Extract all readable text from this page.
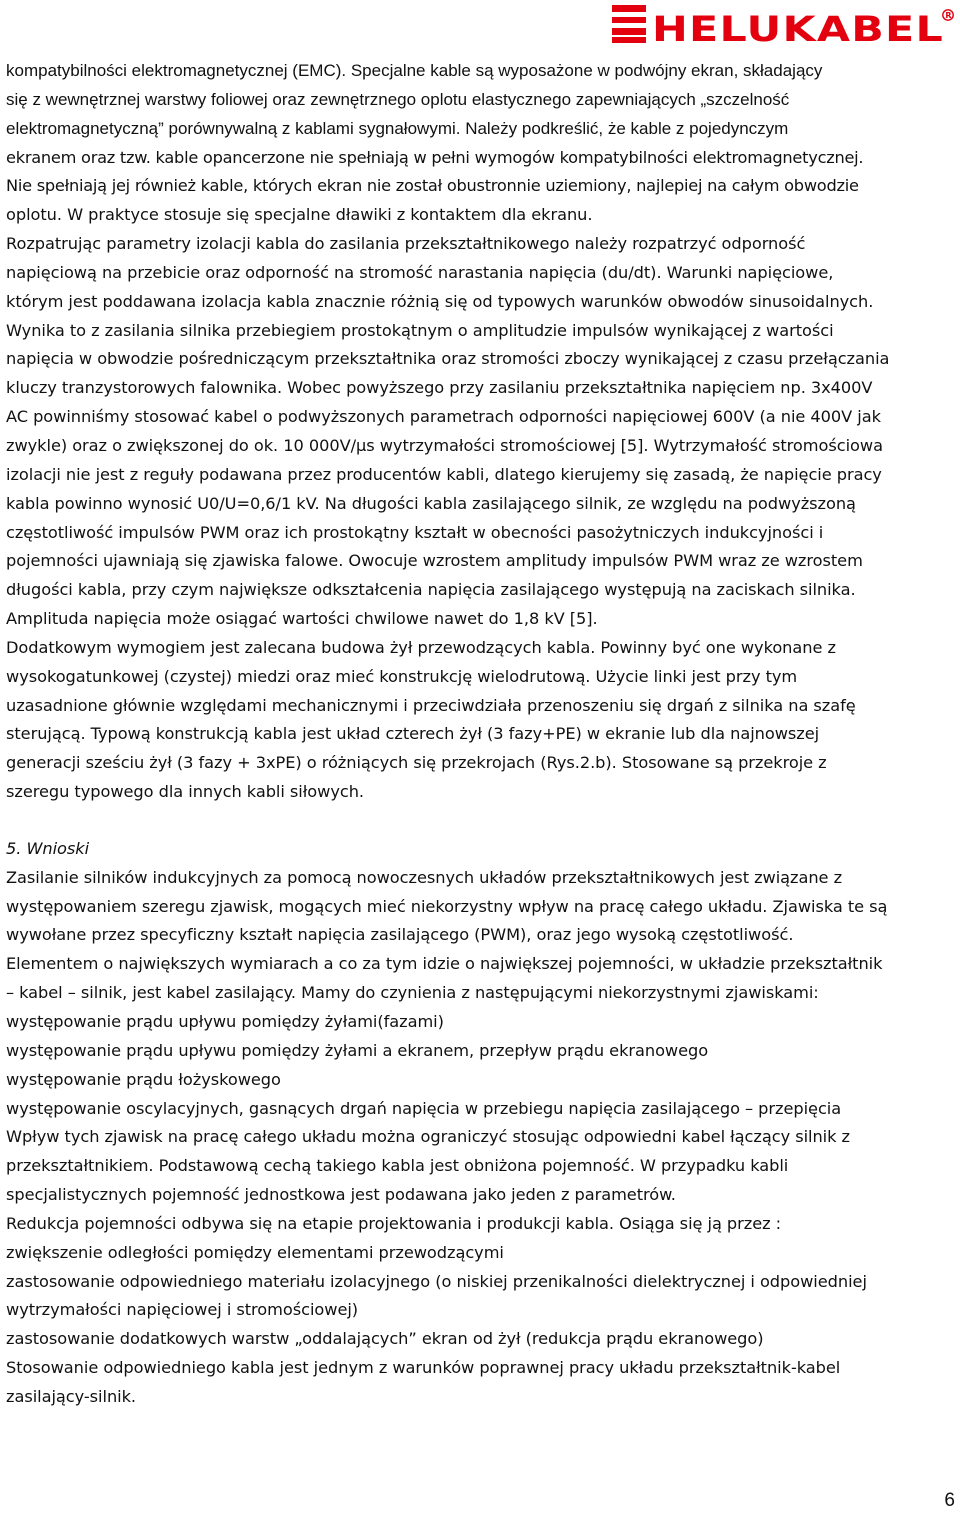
HELUKABEL R
kompatybilności elektromagnetycznej (EMC). Specjalne kable są wyposażone w podwójny ekran, składający
się z wewnętrznej warstwy foliowej oraz zewnętrznego oplotu elastycznego zapewniających „szczelność
elektromagnetyczną” porównywalną z kablami sygnałowymi. Należy podkreślić, że kable z pojedynczym
ekranem oraz tzw. kable opancerzone nie spełniają w pełni wymogów kompatybilności elektromagnetycznej.
Nie spełniają jej również kable, których ekran nie został obustronnie uziemiony, najlepiej na całym obwodzie
oplotu. W praktyce stosuje się specjalne dławiki z kontaktem dla ekranu.
Rozpatrując parametry izolacji kabla do zasilania przekształtnikowego należy rozpatrzyć odporność
napięciową na przebicie oraz odporność na stromość narastania napięcia (du/dt). Warunki napięciowe,
którym jest poddawana izolacja kabla znacznie różnią się od typowych warunków obwodów sinusoidalnych.
Wynika to z zasilania silnika przebiegiem prostokątnym o amplitudzie impulsów wynikającej z wartości
napięcia w obwodzie pośredniczącym przekształtnika oraz stromości zboczy wynikającej z czasu przełączania
kluczy tranzystorowych falownika. Wobec powyższego przy zasilaniu przekształtnika napięciem np. 3x400V
AC powinniśmy stosować kabel o podwyższonych parametrach odporności napięciowej 600V (a nie 400V jak
zwykle) oraz o zwiększonej do ok. 10 000V/µs wytrzymałości stromościowej [5]. Wytrzymałość stromościowa
izolacji nie jest z reguły podawana przez producentów kabli, dlatego kierujemy się zasadą, że napięcie pracy
kabla powinno wynosić U0/U=0,6/1 kV. Na długości kabla zasilającego silnik, ze względu na podwyższoną
częstotliwość impulsów PWM oraz ich prostokątny kształt w obecności pasożytniczych indukcyjności i
pojemności ujawniają się zjawiska falowe. Owocuje wzrostem amplitudy impulsów PWM wraz ze wzrostem
długości kabla, przy czym największe odkształcenia napięcia zasilającego występują na zaciskach silnika.
Amplituda napięcia może osiągać wartości chwilowe nawet do 1,8 kV [5].
Dodatkowym wymogiem jest zalecana budowa żył przewodzących kabla. Powinny być one wykonane z
wysokogatunkowej (czystej) miedzi oraz mieć konstrukcję wielodrutową. Użycie linki jest przy tym
uzasadnione głównie względami mechanicznymi i przeciwdziała przenoszeniu się drgań z silnika na szafę
sterującą. Typową konstrukcją kabla jest układ czterech żył (3 fazy+PE) w ekranie lub dla najnowszej
generacji sześciu żył (3 fazy + 3xPE) o różniących się przekrojach (Rys.2.b). Stosowane są przekroje z
szeregu typowego dla innych kabli siłowych.
5. Wnioski
Zasilanie silników indukcyjnych za pomocą nowoczesnych układów przekształtnikowych jest związane z
występowaniem szeregu zjawisk, mogących mieć niekorzystny wpływ na pracę całego układu. Zjawiska te są
wywołane przez specyficzny kształt napięcia zasilającego (PWM), oraz jego wysoką częstotliwość.
Elementem o największych wymiarach a co za tym idzie o największej pojemności, w układzie przekształtnik
– kabel – silnik, jest kabel zasilający. Mamy do czynienia z następującymi niekorzystnymi zjawiskami:
występowanie prądu upływu pomiędzy żyłami(fazami)
występowanie prądu upływu pomiędzy żyłami a ekranem, przepływ prądu ekranowego
występowanie prądu łożyskowego
występowanie oscylacyjnych, gasnących drgań napięcia w przebiegu napięcia zasilającego – przepięcia
Wpływ tych zjawisk na pracę całego układu można ograniczyć stosując odpowiedni kabel łączący silnik z
przekształtnikiem. Podstawową cechą takiego kabla jest obniżona pojemność. W przypadku kabli
specjalistycznych pojemność jednostkowa jest podawana jako jeden z parametrów.
Redukcja pojemności odbywa się na etapie projektowania i produkcji kabla. Osiąga się ją przez :
zwiększenie odległości pomiędzy elementami przewodzącymi
zastosowanie odpowiedniego materiału izolacyjnego (o niskiej przenikalności dielektrycznej i odpowiedniej
wytrzymałości napięciowej i stromościowej)
zastosowanie dodatkowych warstw „oddalających” ekran od żył (redukcja prądu ekranowego)
Stosowanie odpowiedniego kabla jest jednym z warunków poprawnej pracy układu przekształtnik-kabel
zasilający-silnik.
6
